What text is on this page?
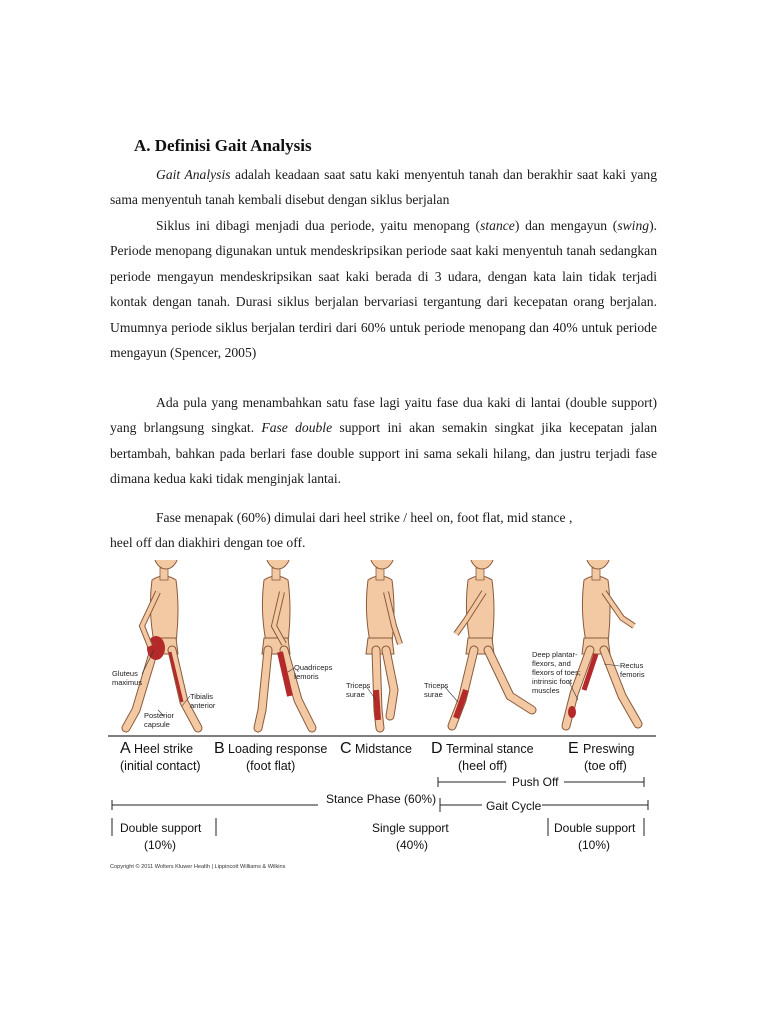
A. Definisi Gait Analysis

Gait Analysis adalah keadaan saat satu kaki menyentuh tanah dan berakhir saat kaki yang sama menyentuh tanah kembali disebut dengan siklus berjalan

Siklus ini dibagi menjadi dua periode, yaitu menopang (stance) dan mengayun (swing). Periode menopang digunakan untuk mendeskripsikan periode saat kaki menyentuh tanah sedangkan periode mengayun mendeskripsikan saat kaki berada di 3 udara, dengan kata lain tidak terjadi kontak dengan tanah. Durasi siklus berjalan bervariasi tergantung dari kecepatan orang berjalan. Umumnya periode siklus berjalan terdiri dari 60% untuk periode menopang dan 40% untuk periode mengayun (Spencer, 2005)

Ada pula yang menambahkan satu fase lagi yaitu fase dua kaki di lantai (double support) yang brlangsung singkat. Fase double support ini akan semakin singkat jika kecepatan jalan bertambah, bahkan pada berlari fase double support ini sama sekali hilang, dan justru terjadi fase dimana kedua kaki tidak menginjak lantai.

Fase menapak (60%) dimulai dari heel strike / heel on, foot flat, mid stance ,
heel off dan diakhiri dengan toe off.

Gluteus
maximus
Tibialis
anterior
Posterior
capsule
Quadriceps
femoris
Triceps
surae
Triceps
surae
Deep plantar-
flexors, and
flexors of toes;
intrinsic foot
muscles
Rectus
femoris
A Heel strike
(initial contact)
B Loading response
(foot flat)
C Midstance D Terminal stance
(heel off)
E Preswing
(toe off)
Push Off
Stance Phase (60%)	Gait Cycle
Double support
(10%)
Single support
(40%)
Double support
(10%)
Copyright © 2011 Wolters Kluwer Health | Lippincott Williams & Wilkins
